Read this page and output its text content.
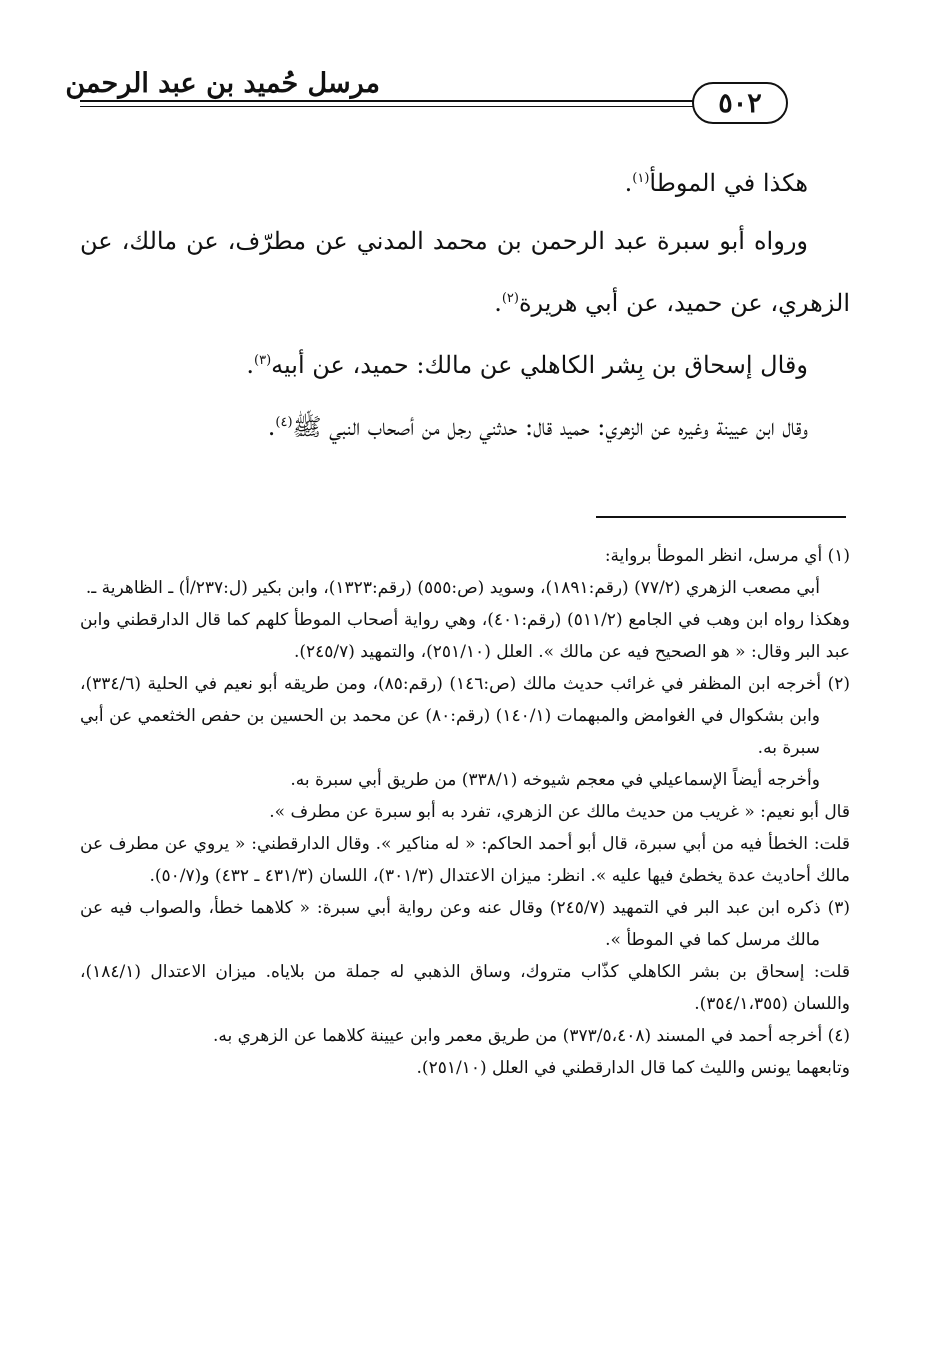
مرسل حُميد بن عبد الرحمن
٥٠٢

هكذا في الموطأ$^{(١)}$.

ورواه أبو سبرة عبد الرحمن بن محمد المدني عن مطرّف، عن مالك، عن الزهري، عن حميد، عن أبي هريرة$^{(٢)}$.

وقال إسحاق بن بِشر الكاهلي عن مالك: حميد، عن أبيه$^{(٣)}$.

وقال ابن عيينة وغيره عن الزهري: حميد قال: حدثني رجل من أصحاب النبي ﷺ$^{(٤)}$.

(١) أي مرسل، انظر الموطأ برواية:

أبي مصعب الزهري (٧٧/٢) (رقم:١٨٩١)، وسويد (ص:٥٥٥) (رقم:١٣٢٣)، وابن بكير (ل:٢٣٧/أ) ـ الظاهرية ـ.

وهكذا رواه ابن وهب في الجامع (٥١١/٢) (رقم:٤٠١)، وهي رواية أصحاب الموطأ كلهم كما قال الدارقطني وابن عبد البر وقال: « هو الصحيح فيه عن مالك ». العلل (٢٥١/١٠)، والتمهيد (٢٤٥/٧).

(٢) أخرجه ابن المظفر في غرائب حديث مالك (ص:١٤٦) (رقم:٨٥)، ومن طريقه أبو نعيم في الحلية (٣٣٤/٦)، وابن بشكوال في الغوامض والمبهمات (١٤٠/١) (رقم:٨٠) عن محمد بن الحسين بن حفص الخثعمي عن أبي سبرة به.

وأخرجه أيضاً الإسماعيلي في معجم شيوخه (٣٣٨/١) من طريق أبي سبرة به.

قال أبو نعيم: « غريب من حديث مالك عن الزهري، تفرد به أبو سبرة عن مطرف ».

قلت: الخطأ فيه من أبي سبرة، قال أبو أحمد الحاكم: « له مناكير ». وقال الدارقطني: « يروي عن مطرف عن مالك أحاديث عدة يخطئ فيها عليه ». انظر: ميزان الاعتدال (٣٠١/٣)، اللسان (٤٣١/٣ ـ ٤٣٢) و(٥٠/٧).

(٣) ذكره ابن عبد البر في التمهيد (٢٤٥/٧) وقال عنه وعن رواية أبي سبرة: « كلاهما خطأ، والصواب فيه عن مالك مرسل كما في الموطأ ».

قلت: إسحاق بن بشر الكاهلي كذّاب متروك، وساق الذهبي له جملة من بلاياه. ميزان الاعتدال (١٨٤/١)، واللسان (٣٥٤/١،٣٥٥).

(٤) أخرجه أحمد في المسند (٣٧٣/٥،٤٠٨) من طريق معمر وابن عيينة كلاهما عن الزهري به.

وتابعهما يونس والليث كما قال الدارقطني في العلل (٢٥١/١٠).
